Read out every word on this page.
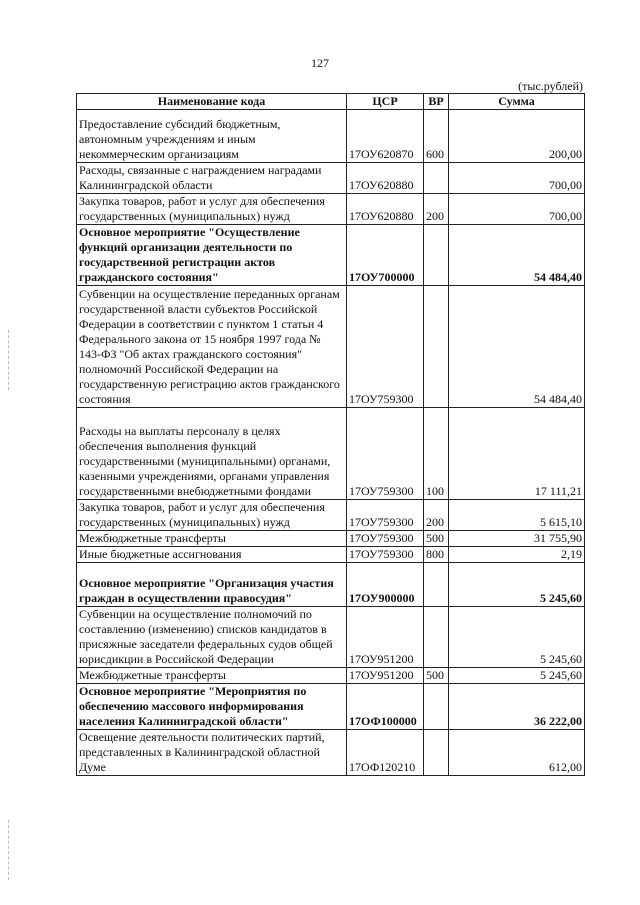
127
(тыс.рублей)
Наименование кода	ЦСР	ВР	Сумма
Предоставление субсидий бюджетным, автономным учреждениям и иным некоммерческим организациям	17ОУ620870	600	200,00
Расходы, связанные с награждением наградами Калининградской области	17ОУ620880		700,00
Закупка товаров, работ и услуг для обеспечения государственных (муниципальных) нужд	17ОУ620880	200	700,00
Основное мероприятие "Осуществление функций организации деятельности по государственной регистрации актов гражданского состояния"	17ОУ700000		54 484,40
Субвенции на осуществление переданных органам государственной власти субъектов Российской Федерации в соответствии с пунктом 1 статьи 4 Федерального закона от 15 ноября 1997 года № 143-ФЗ "Об актах гражданского состояния" полномочий Российской Федерации на государственную регистрацию актов гражданского состояния	17ОУ759300		54 484,40
Расходы на выплаты персоналу в целях обеспечения выполнения функций государственными (муниципальными) органами, казенными учреждениями, органами управления государственными внебюджетными фондами	17ОУ759300	100	17 111,21
Закупка товаров, работ и услуг для обеспечения государственных (муниципальных) нужд	17ОУ759300	200	5 615,10
Межбюджетные трансферты	17ОУ759300	500	31 755,90
Иные бюджетные ассигнования	17ОУ759300	800	2,19
Основное мероприятие "Организация участия граждан в осуществлении правосудия"	17ОУ900000		5 245,60
Субвенции на осуществление полномочий по составлению (изменению) списков кандидатов в присяжные заседатели федеральных судов общей юрисдикции в Российской Федерации	17ОУ951200		5 245,60
Межбюджетные трансферты	17ОУ951200	500	5 245,60
Основное мероприятие "Мероприятия по обеспечению массового информирования населения Калининградской области"	17ОФ100000		36 222,00
Освещение деятельности политических партий, представленных в Калининградской областной Думе	17ОФ120210		612,00
